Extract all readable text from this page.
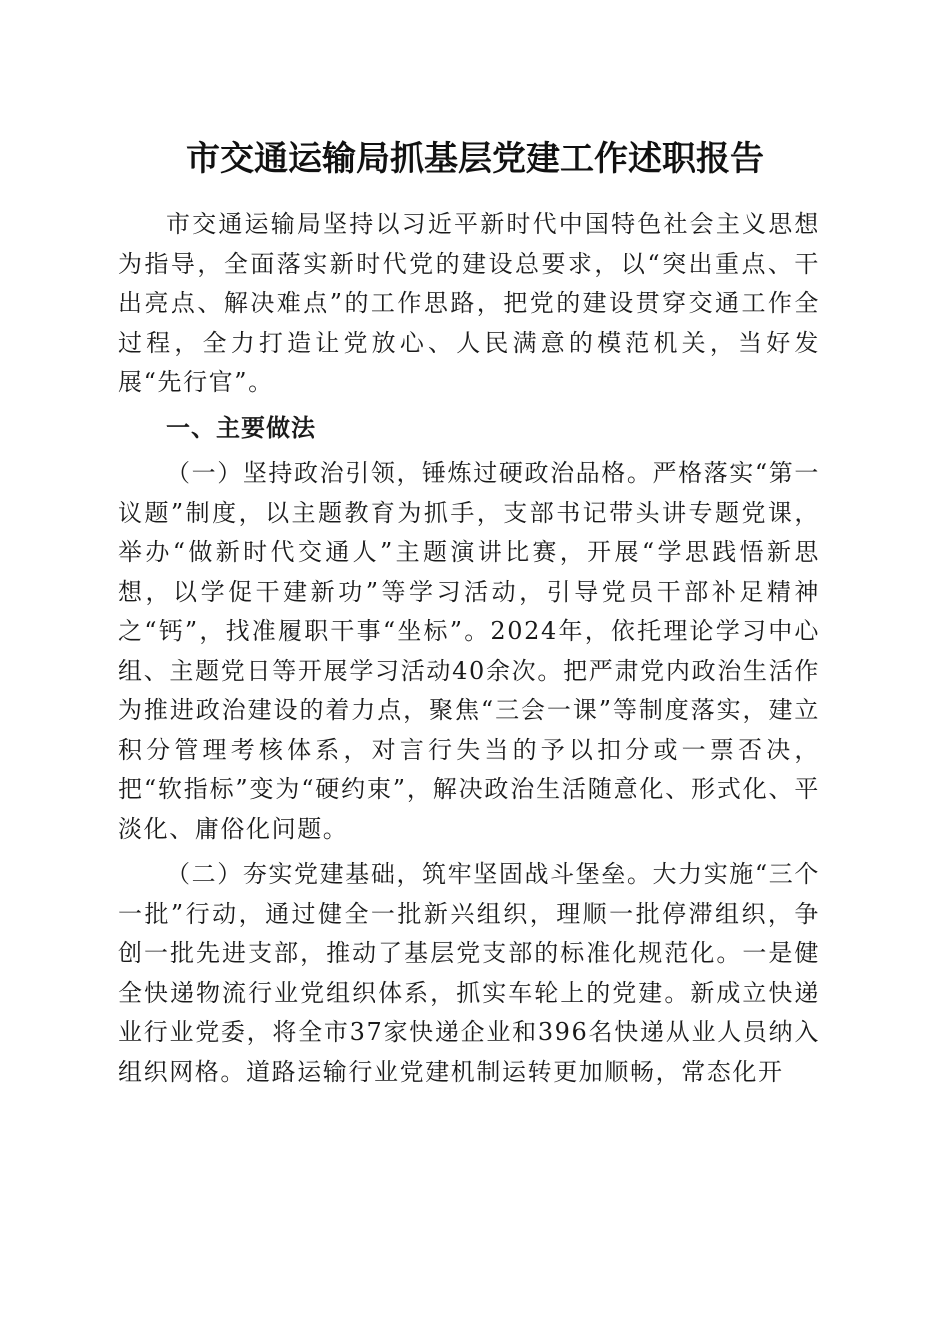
市交通运输局抓基层党建工作述职报告

市交通运输局坚持以习近平新时代中国特色社会主义思想为指导，全面落实新时代党的建设总要求，以“突出重点、干出亮点、解决难点”的工作思路，把党的建设贯穿交通工作全过程，全力打造让党放心、人民满意的模范机关，当好发展“先行官”。

一、主要做法

（一）坚持政治引领，锤炼过硬政治品格。严格落实“第一议题”制度，以主题教育为抓手，支部书记带头讲专题党课，举办“做新时代交通人”主题演讲比赛，开展“学思践悟新思想，以学促干建新功”等学习活动，引导党员干部补足精神之“钙”，找准履职干事“坐标”。2024年，依托理论学习中心组、主题党日等开展学习活动40余次。把严肃党内政治生活作为推进政治建设的着力点，聚焦“三会一课”等制度落实，建立积分管理考核体系，对言行失当的予以扣分或一票否决，把“软指标”变为“硬约束”，解决政治生活随意化、形式化、平淡化、庸俗化问题。

（二）夯实党建基础，筑牢坚固战斗堡垒。大力实施“三个一批”行动，通过健全一批新兴组织，理顺一批停滞组织，争创一批先进支部，推动了基层党支部的标准化规范化。一是健全快递物流行业党组织体系，抓实车轮上的党建。新成立快递业行业党委，将全市37家快递企业和396名快递从业人员纳入组织网格。道路运输行业党建机制运转更加顺畅，常态化开
